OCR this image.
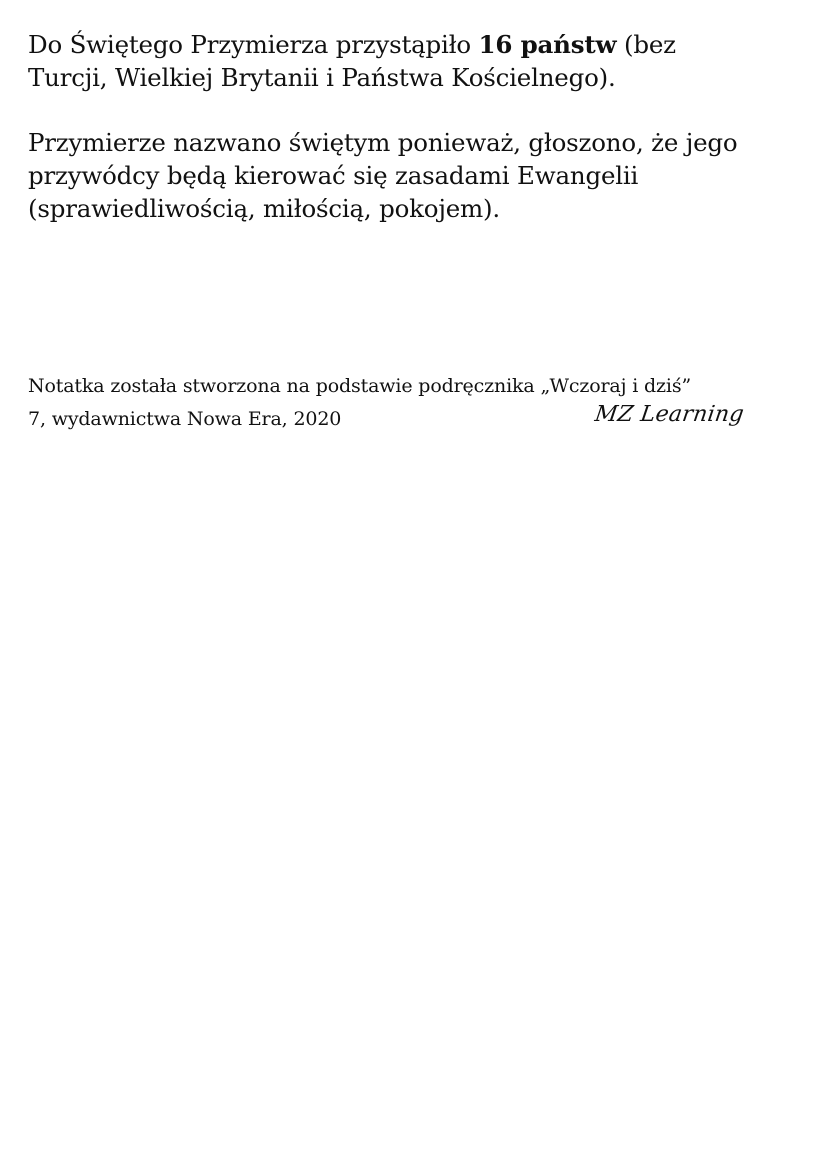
Do Świętego Przymierza przystąpiło 16 państw (bez
Turcji, Wielkiej Brytanii i Państwa Kościelnego).

Przymierze nazwano świętym ponieważ, głoszono, że jego
przywódcy będą kierować się zasadami Ewangelii
(sprawiedliwością, miłością, pokojem).

Notatka została stworzona na podstawie podręcznika „Wczoraj i dziś”

7, wydawnictwa Nowa Era, 2020	MZ Learning
